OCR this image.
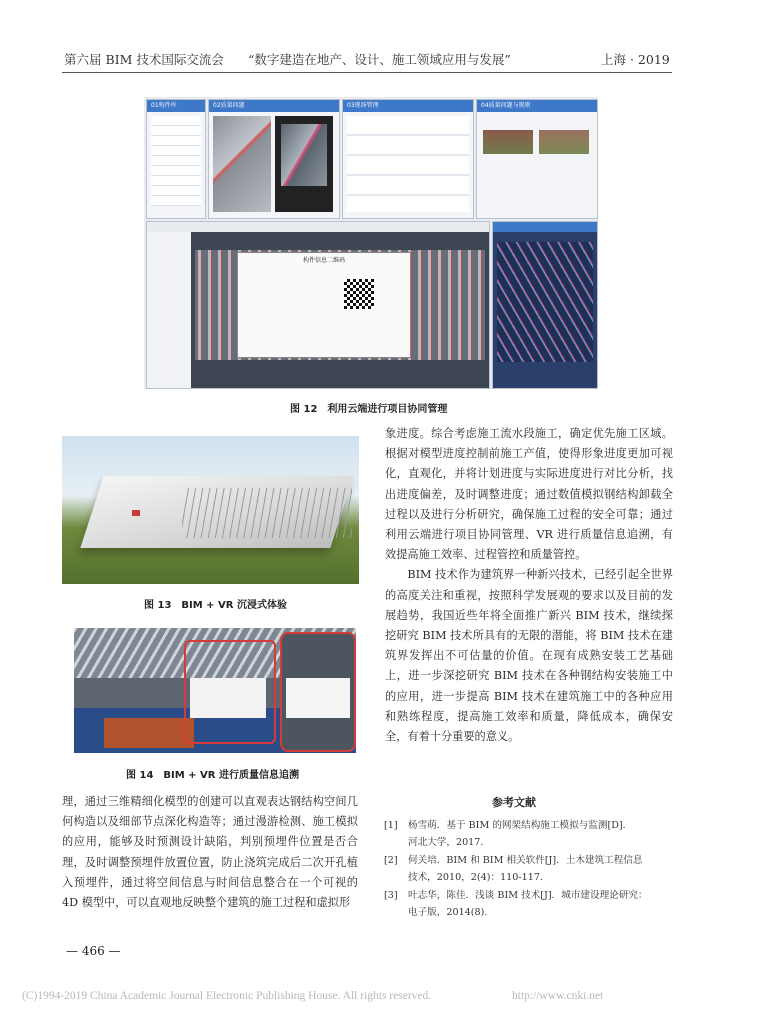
第六届 BIM 技术国际交流会 “数字建造在地产、设计、施工领域应用与发展”	上海 · 2019
01构件库	02质量问题	03现场管理	04质量问题与规则
构件信息二维码
图 12　利用云端进行项目协同管理
图 13　BIM + VR 沉浸式体验
图 14　BIM + VR 进行质量信息追溯

理，通过三维精细化模型的创建可以直观表达钢结构空间几何构造以及细部节点深化构造等；通过漫游检测、施工模拟的应用，能够及时预测设计缺陷，判别预埋件位置是否合理，及时调整预埋件放置位置，防止浇筑完成后二次开孔植入预埋件，通过将空间信息与时间信息整合在一个可视的 4D 模型中，可以直观地反映整个建筑的施工过程和虚拟形

— 466 —

象进度。综合考虑施工流水段施工，确定优先施工区域。根据对模型进度控制前施工产值，使得形象进度更加可视化，直观化，并将计划进度与实际进度进行对比分析，找出进度偏差，及时调整进度；通过数值模拟钢结构卸载全过程以及进行分析研究，确保施工过程的安全可靠；通过利用云端进行项目协同管理、VR 进行质量信息追溯，有效提高施工效率、过程管控和质量管控。

BIM 技术作为建筑界一种新兴技术，已经引起全世界的高度关注和重视，按照科学发展观的要求以及目前的发展趋势，我国近些年将全面推广新兴 BIM 技术，继续探挖研究 BIM 技术所具有的无限的潜能，将 BIM 技术在建筑界发挥出不可估量的价值。在现有成熟安装工艺基础上，进一步深挖研究 BIM 技术在各种钢结构安装施工中的应用，进一步提高 BIM 技术在建筑施工中的各种应用和熟练程度，提高施工效率和质量，降低成本，确保安全，有着十分重要的意义。

参考文献
[1]	杨雪萌．基于 BIM 的网架结构施工模拟与监测[D]．
河北大学，2017.
[2]	何关培．BIM 和 BIM 相关软件[J]．土木建筑工程信息
技术，2010，2(4)：110-117.
[3]	叶志华，陈佳．浅谈 BIM 技术[J]．城市建设理论研究：
电子版，2014(8).
(C)1994-2019 China Academic Journal Electronic Publishing House. All rights reserved.	http://www.cnki.net
